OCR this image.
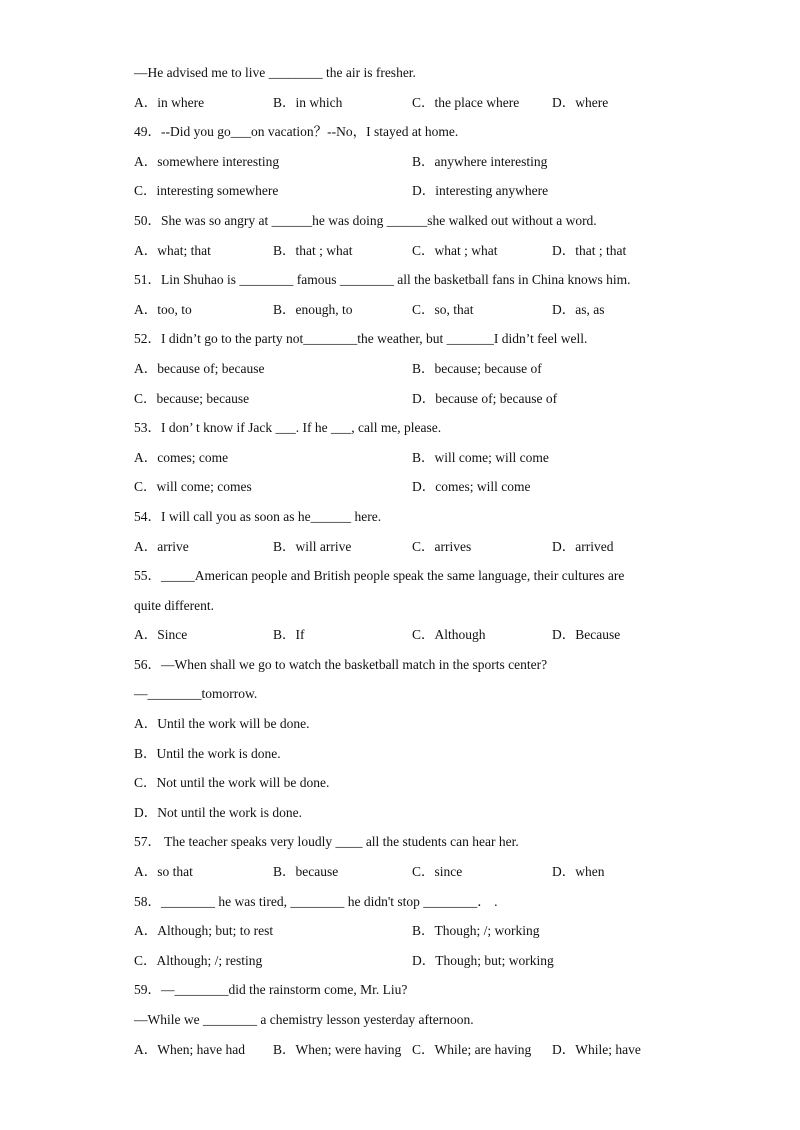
—He advised me to live ________ the air is fresher.
A．in where	B．in which	C．the place where D．where
49．--Did you go___on vacation？--No，I stayed at home.
A．somewhere interesting	B．anywhere interesting
C．interesting somewhere	D．interesting anywhere
50．She was so angry at ______he was doing ______she walked out without a word.
A．what; that	B．that ; what	C．what ; what	D．that ; that
51．Lin Shuhao is ________ famous ________ all the basketball fans in China knows him.
A．too, to	B．enough, to	C．so, that	D．as, as
52．I didn’t go to the party not________the weather, but _______I didn’t feel well.
A．because of; because	B．because; because of
C．because; because	D．because of; because of
53．I don’ t know if Jack ___. If he ___, call me, please.
A．comes; come	B．will come; will come
C．will come; comes	D．comes; will come
54．I will call you as soon as he______ here.
A．arrive	B．will arrive	C．arrives	D．arrived
55．_____American people and British people speak the same language, their cultures are
quite different.
A．Since	B．If	C．Although	D．Because
56．—When shall we go to watch the basketball match in the sports center?
—________tomorrow.
A．Until the work will be done.
B．Until the work is done.
C．Not until the work will be done.
D．Not until the work is done.
57． The teacher speaks very loudly ____ all the students can hear her.
A．so that	B．because	C．since	D．when
58．________ he was tired, ________ he didn't stop ________． .
A．Although; but; to rest	B．Though; /; working
C．Although; /; resting	D．Though; but; working
59．—________did the rainstorm come, Mr. Liu?
—While we ________ a chemistry lesson yesterday afternoon.
A．When; have had B．When; were having C．While; are having D．While; have
